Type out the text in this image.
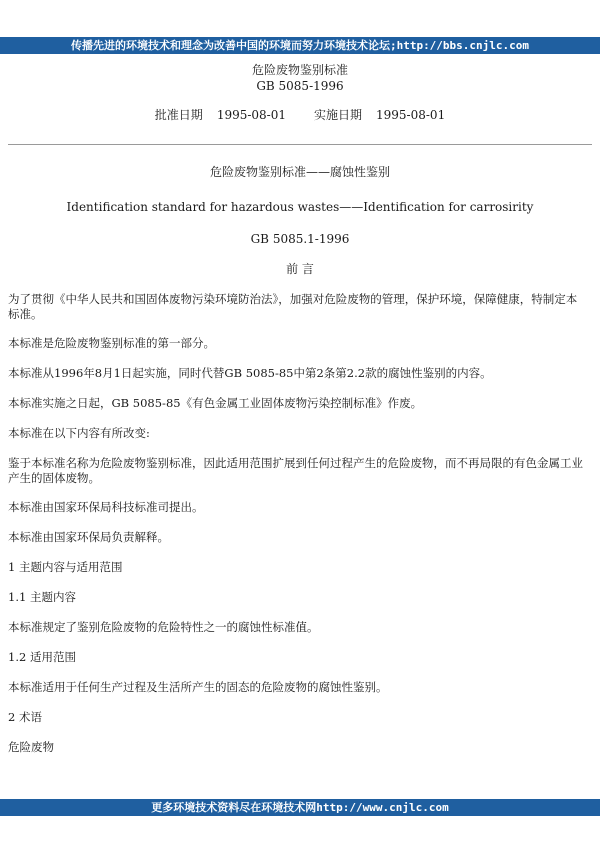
传播先进的环境技术和理念为改善中国的环境而努力环境技术论坛;http://bbs.cnjlc.com
危险废物鉴别标准
GB 5085-1996
批准日期 1995-08-01 实施日期 1995-08-01
危险废物鉴别标准——腐蚀性鉴别
Identification standard for hazardous wastes——Identification for carrosirity
GB 5085.1-1996
前 言
为了贯彻《中华人民共和国固体废物污染环境防治法》，加强对危险废物的管理，保护环境，保障健康，特制定本标准。
本标准是危险废物鉴别标准的第一部分。
本标准从1996年8月1日起实施，同时代替GB 5085-85中第2条第2.2款的腐蚀性鉴别的内容。
本标准实施之日起，GB 5085-85《有色金属工业固体废物污染控制标准》作废。
本标准在以下内容有所改变:
鉴于本标准名称为危险废物鉴别标准，因此适用范围扩展到任何过程产生的危险废物，而不再局限的有色金属工业产生的固体废物。
本标准由国家环保局科技标准司提出。
本标准由国家环保局负责解释。
1 主题内容与适用范围
1.1 主题内容
本标准规定了鉴别危险废物的危险特性之一的腐蚀性标准值。
1.2 适用范围
本标准适用于任何生产过程及生活所产生的固态的危险废物的腐蚀性鉴别。
2 术语
危险废物
更多环境技术资料尽在环境技术网http://www.cnjlc.com
